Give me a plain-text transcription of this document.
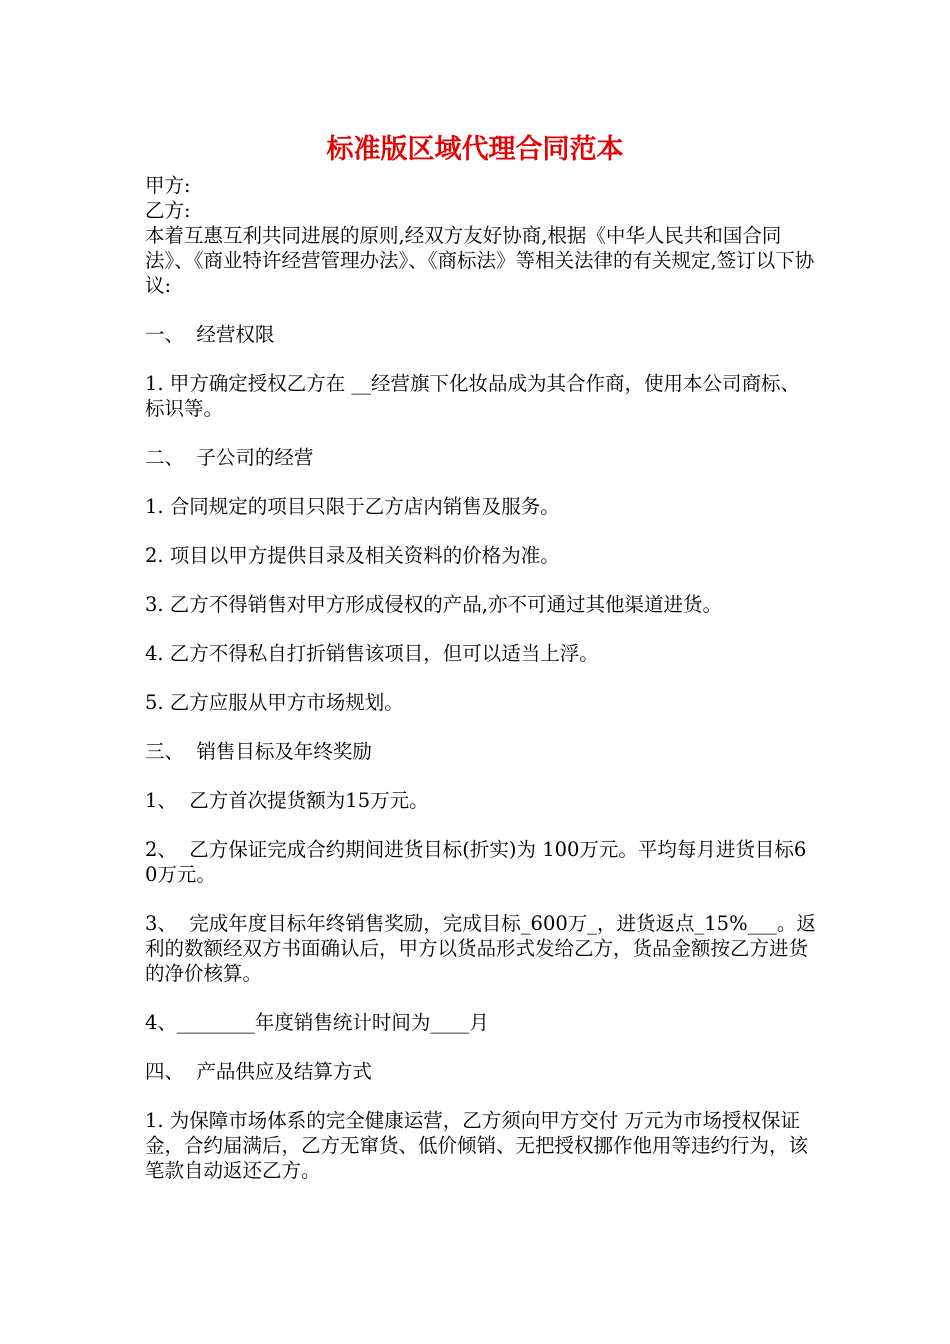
标准版区域代理合同范本

甲方:

乙方:

本着互惠互利共同进展的原则,经双方友好协商,根据《中华人民共和国合同法》、《商业特许经营管理办法》、《商标法》等相关法律的有关规定,签订以下协议:

一、  经营权限

1. 甲方确定授权乙方在 __经营旗下化妆品成为其合作商，使用本公司商标、标识等。

二、  子公司的经营

1. 合同规定的项目只限于乙方店内销售及服务。

2. 项目以甲方提供目录及相关资料的价格为准。

3. 乙方不得销售对甲方形成侵权的产品,亦不可通过其他渠道进货。

4. 乙方不得私自打折销售该项目，但可以适当上浮。

5. 乙方应服从甲方市场规划。

三、  销售目标及年终奖励

1、  乙方首次提货额为15万元。

2、  乙方保证完成合约期间进货目标(折实)为 100万元。平均每月进货目标60万元。

3、  完成年度目标年终销售奖励，完成目标_600万_，进货返点_15%___。返利的数额经双方书面确认后，甲方以货品形式发给乙方，货品金额按乙方进货的净价核算。

4、________年度销售统计时间为____月

四、  产品供应及结算方式

1. 为保障市场体系的完全健康运营，乙方须向甲方交付 万元为市场授权保证金，合约届满后，乙方无窜货、低价倾销、无把授权挪作他用等违约行为，该笔款自动返还乙方。
